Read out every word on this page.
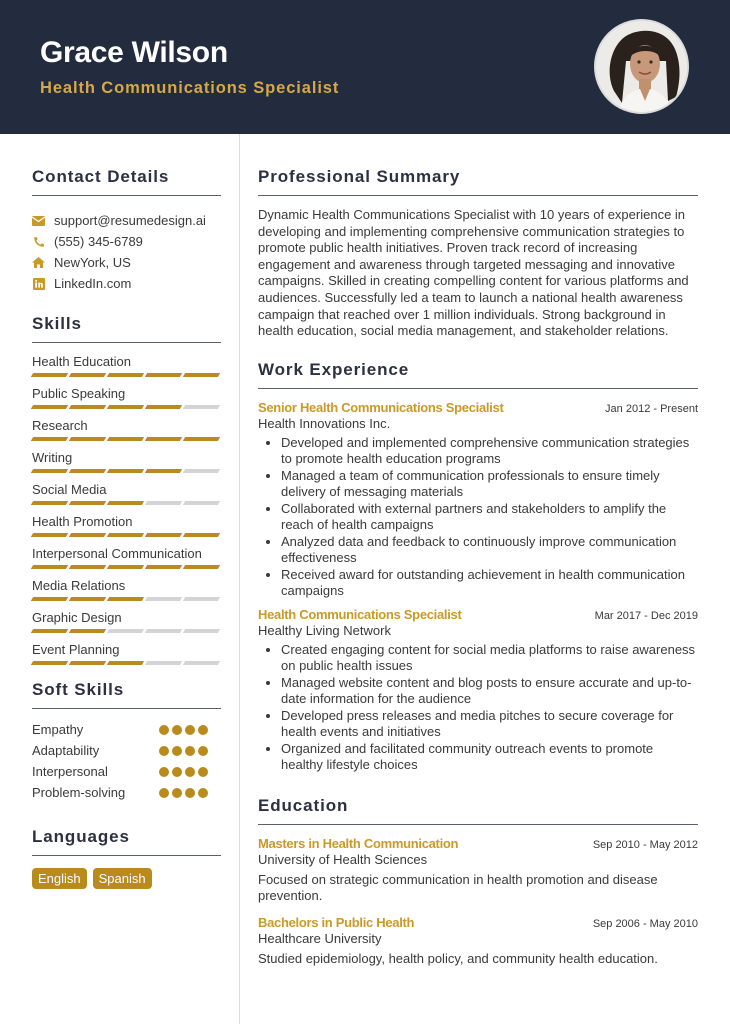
Grace Wilson
Health Communications Specialist
Contact Details
support@resumedesign.ai
(555) 345-6789
NewYork, US
LinkedIn.com
Skills
Health Education
Public Speaking
Research
Writing
Social Media
Health Promotion
Interpersonal Communication
Media Relations
Graphic Design
Event Planning
Soft Skills
Empathy
Adaptability
Interpersonal
Problem-solving
Languages
English	Spanish
Professional Summary

Dynamic Health Communications Specialist with 10 years of experience in developing and implementing comprehensive communication strategies to promote public health initiatives. Proven track record of increasing engagement and awareness through targeted messaging and innovative campaigns. Skilled in creating compelling content for various platforms and audiences. Successfully led a team to launch a national health awareness campaign that reached over 1 million individuals. Strong background in health education, social media management, and stakeholder relations.

Work Experience
Senior Health Communications Specialist	Jan 2012 - Present
Health Innovations Inc.
• Developed and implemented comprehensive communication strategies to promote health education programs
• Managed a team of communication professionals to ensure timely delivery of messaging materials
• Collaborated with external partners and stakeholders to amplify the reach of health campaigns
• Analyzed data and feedback to continuously improve communication effectiveness
• Received award for outstanding achievement in health communication campaigns
Health Communications Specialist	Mar 2017 - Dec 2019
Healthy Living Network
• Created engaging content for social media platforms to raise awareness on public health issues
• Managed website content and blog posts to ensure accurate and up-to-date information for the audience
• Developed press releases and media pitches to secure coverage for health events and initiatives
• Organized and facilitated community outreach events to promote healthy lifestyle choices
Education
Masters in Health Communication	Sep 2010 - May 2012
University of Health Sciences
Focused on strategic communication in health promotion and disease prevention.
Bachelors in Public Health	Sep 2006 - May 2010
Healthcare University
Studied epidemiology, health policy, and community health education.
